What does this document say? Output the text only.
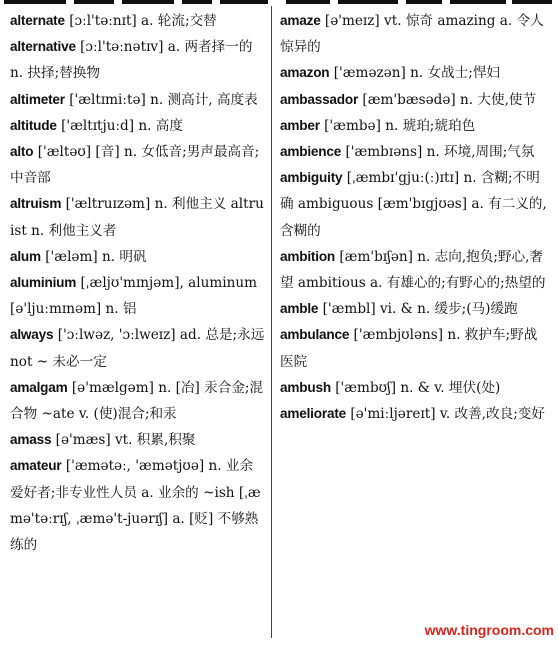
alternate [ɔːl'təːnɪt] a. 轮流;交替

alternative [ɔːl'təːnətɪv] a. 两者择一的 n. 抉择;替换物

altimeter ['æltɪmiːtə] n. 测高计, 高度表

altitude ['æltɪtjuːd] n. 高度

alto ['æltəʊ] [音] n. 女低音;男声最高音;中音部

altruism ['æltruɪzəm] n. 利他主义 altruist n. 利他主义者

alum ['æləm] n. 明矾

aluminium [ˌæljʊ'mɪnjəm], aluminum [ə'ljuːmɪnəm] n. 铝

always ['ɔːlwəz, 'ɔːlweɪz] ad. 总是;永远 not ~ 未必一定

amalgam [ə'mælgəm] n. [冶] 汞合金;混合物 ~ate v. (使)混合;和汞

amass [ə'mæs] vt. 积累,积聚

amateur ['æmətəː, 'æmətjʊə] n. 业余爱好者;非专业性人员 a. 业余的 ~ish [ˌæmə'təːrɪʃ, ˌæmə't-juərɪʃ] a. [贬] 不够熟练的

amaze [ə'meɪz] vt. 惊奇 amazing a. 令人惊异的

amazon ['æməzən] n. 女战士;悍妇

ambassador [æm'bæsədə] n. 大使,使节

amber ['æmbə] n. 琥珀;琥珀色

ambience ['æmbɪəns] n. 环境,周围;气氛

ambiguity [ˌæmbɪ'gjuː(ː)ɪtɪ] n. 含糊;不明确 ambiguous [æm'bɪgjʊəs] a. 有二义的,含糊的

ambition [æm'bɪʃən] n. 志向,抱负;野心,奢望 ambitious a. 有雄心的;有野心的;热望的

amble ['æmbl] vi. & n. 缓步;(马)缓跑

ambulance ['æmbjʊləns] n. 救护车;野战医院

ambush ['æmbʊʃ] n. & v. 埋伏(处)

ameliorate [ə'miːljəreɪt] v. 改善,改良;变好

www.tingroom.com
